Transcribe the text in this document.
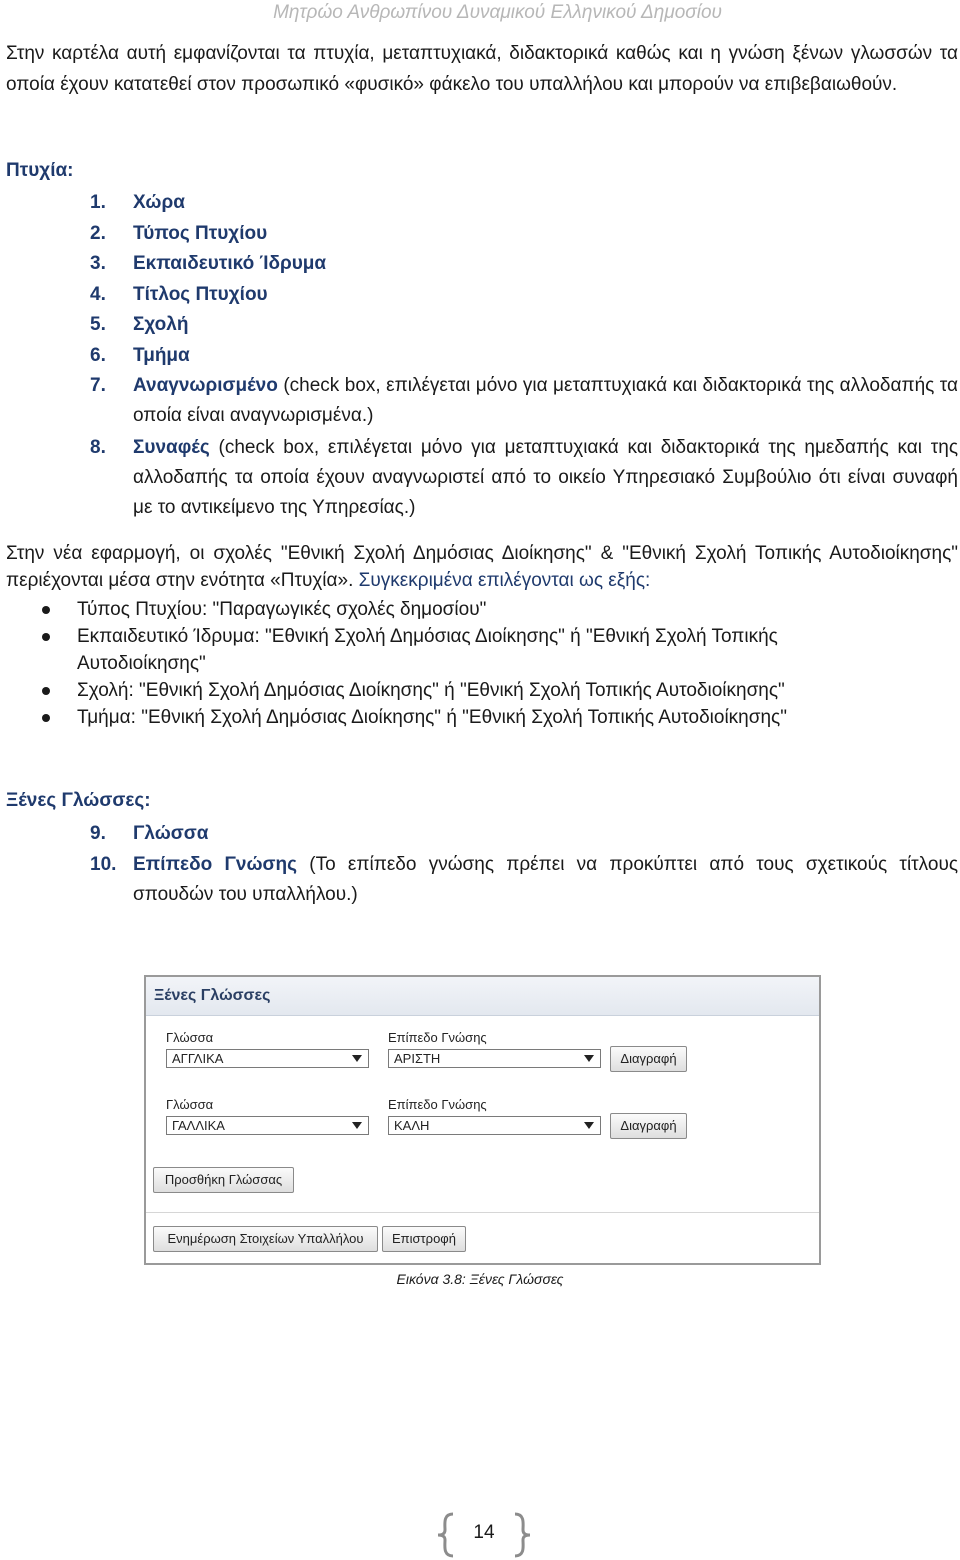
Μητρώο Ανθρωπίνου Δυναμικού Ελληνικού Δημοσίου
Στην καρτέλα αυτή εμφανίζονται τα πτυχία, μεταπτυχιακά, διδακτορικά καθώς και η γνώση ξένων γλωσσών τα οποία έχουν κατατεθεί στον προσωπικό «φυσικό» φάκελο του υπαλλήλου και μπορούν να επιβεβαιωθούν.
Πτυχία:
1.	Χώρα
2.	Τύπος Πτυχίου
3.	Εκπαιδευτικό Ίδρυμα
4.	Τίτλος Πτυχίου
5.	Σχολή
6.	Τμήμα
7.	Αναγνωρισμένο (check box, επιλέγεται μόνο για μεταπτυχιακά και διδακτορικά της αλλοδαπής τα οποία είναι αναγνωρισμένα.)
8.	Συναφές (check box, επιλέγεται μόνο για μεταπτυχιακά και διδακτορικά της ημεδαπής και της αλλοδαπής τα οποία έχουν αναγνωριστεί από το οικείο Υπηρεσιακό Συμβούλιο ότι είναι συναφή με το αντικείμενο της Υπηρεσίας.)
Στην νέα εφαρμογή, οι σχολές "Εθνική Σχολή Δημόσιας Διοίκησης" & "Εθνική Σχολή Τοπικής Αυτοδιοίκησης" περιέχονται μέσα στην ενότητα «Πτυχία». Συγκεκριμένα επιλέγονται ως εξής:

Τύπος Πτυχίου: "Παραγωγικές σχολές δημοσίου"

Εκπαιδευτικό Ίδρυμα: "Εθνική Σχολή Δημόσιας Διοίκησης" ή "Εθνική Σχολή Τοπικής Αυτοδιοίκησης"

Σχολή: "Εθνική Σχολή Δημόσιας Διοίκησης" ή "Εθνική Σχολή Τοπικής Αυτοδιοίκησης"

Τμήμα: "Εθνική Σχολή Δημόσιας Διοίκησης" ή "Εθνική Σχολή Τοπικής Αυτοδιοίκησης"

Ξένες Γλώσσες:
9.	Γλώσσα
10. Επίπεδο Γνώσης (Το επίπεδο γνώσης πρέπει να προκύπτει από τους σχετικούς τίτλους σπουδών του υπαλλήλου.)
Ξένες Γλώσσες
Γλώσσα	Επίπεδο Γνώσης
ΑΓΓΛΙΚΑ	ΑΡΙΣΤΗ	Διαγραφή
Γλώσσα	Επίπεδο Γνώσης
ΓΑΛΛΙΚΑ	ΚΑΛΗ	Διαγραφή
Προσθήκη Γλώσσας
Ενημέρωση Στοιχείων Υπαλλήλου	Επιστροφή
Εικόνα 3.8: Ξένες Γλώσσες
14
